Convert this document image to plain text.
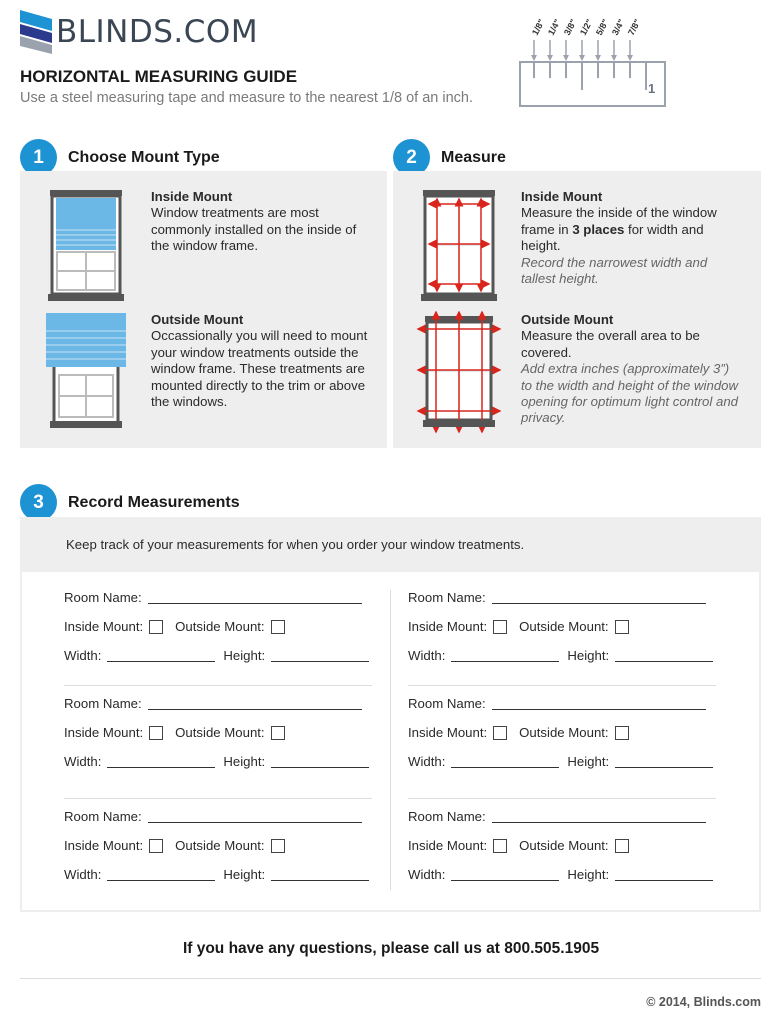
BLINDS.COM
HORIZONTAL MEASURING GUIDE
Use a steel measuring tape and measure to the nearest 1/8 of an inch.
1/8" 1/4" 3/8" 1/2" 5/8" 3/4" 7/8"
1
1	Choose Mount Type
Inside Mount
Window treatments are most commonly installed on the inside of the window frame.
Outside Mount
Occassionally you will need to mount your window treatments outside the window frame. These treatments are mounted directly to the trim or above the windows.
2	Measure
Inside Mount
Measure the inside of the window frame in 3 places for width and height.
Record the narrowest width and tallest height.
Outside Mount
Measure the overall area to be covered.
Add extra inches (approximately 3”) to the width and height of the window opening for optimum light control and privacy.
3	Record Measurements
Keep track of your measurements for when you order your window treatments.
Room Name:
Inside Mount: Outside Mount:
Width:	Height:
Room Name:
Inside Mount: Outside Mount:
Width:	Height:
Room Name:
Inside Mount: Outside Mount:
Width:	Height:
Room Name:
Inside Mount: Outside Mount:
Width:	Height:
Room Name:
Inside Mount: Outside Mount:
Width:	Height:
Room Name:
Inside Mount: Outside Mount:
Width:	Height:
If you have any questions, please call us at 800.505.1905
© 2014, Blinds.com
